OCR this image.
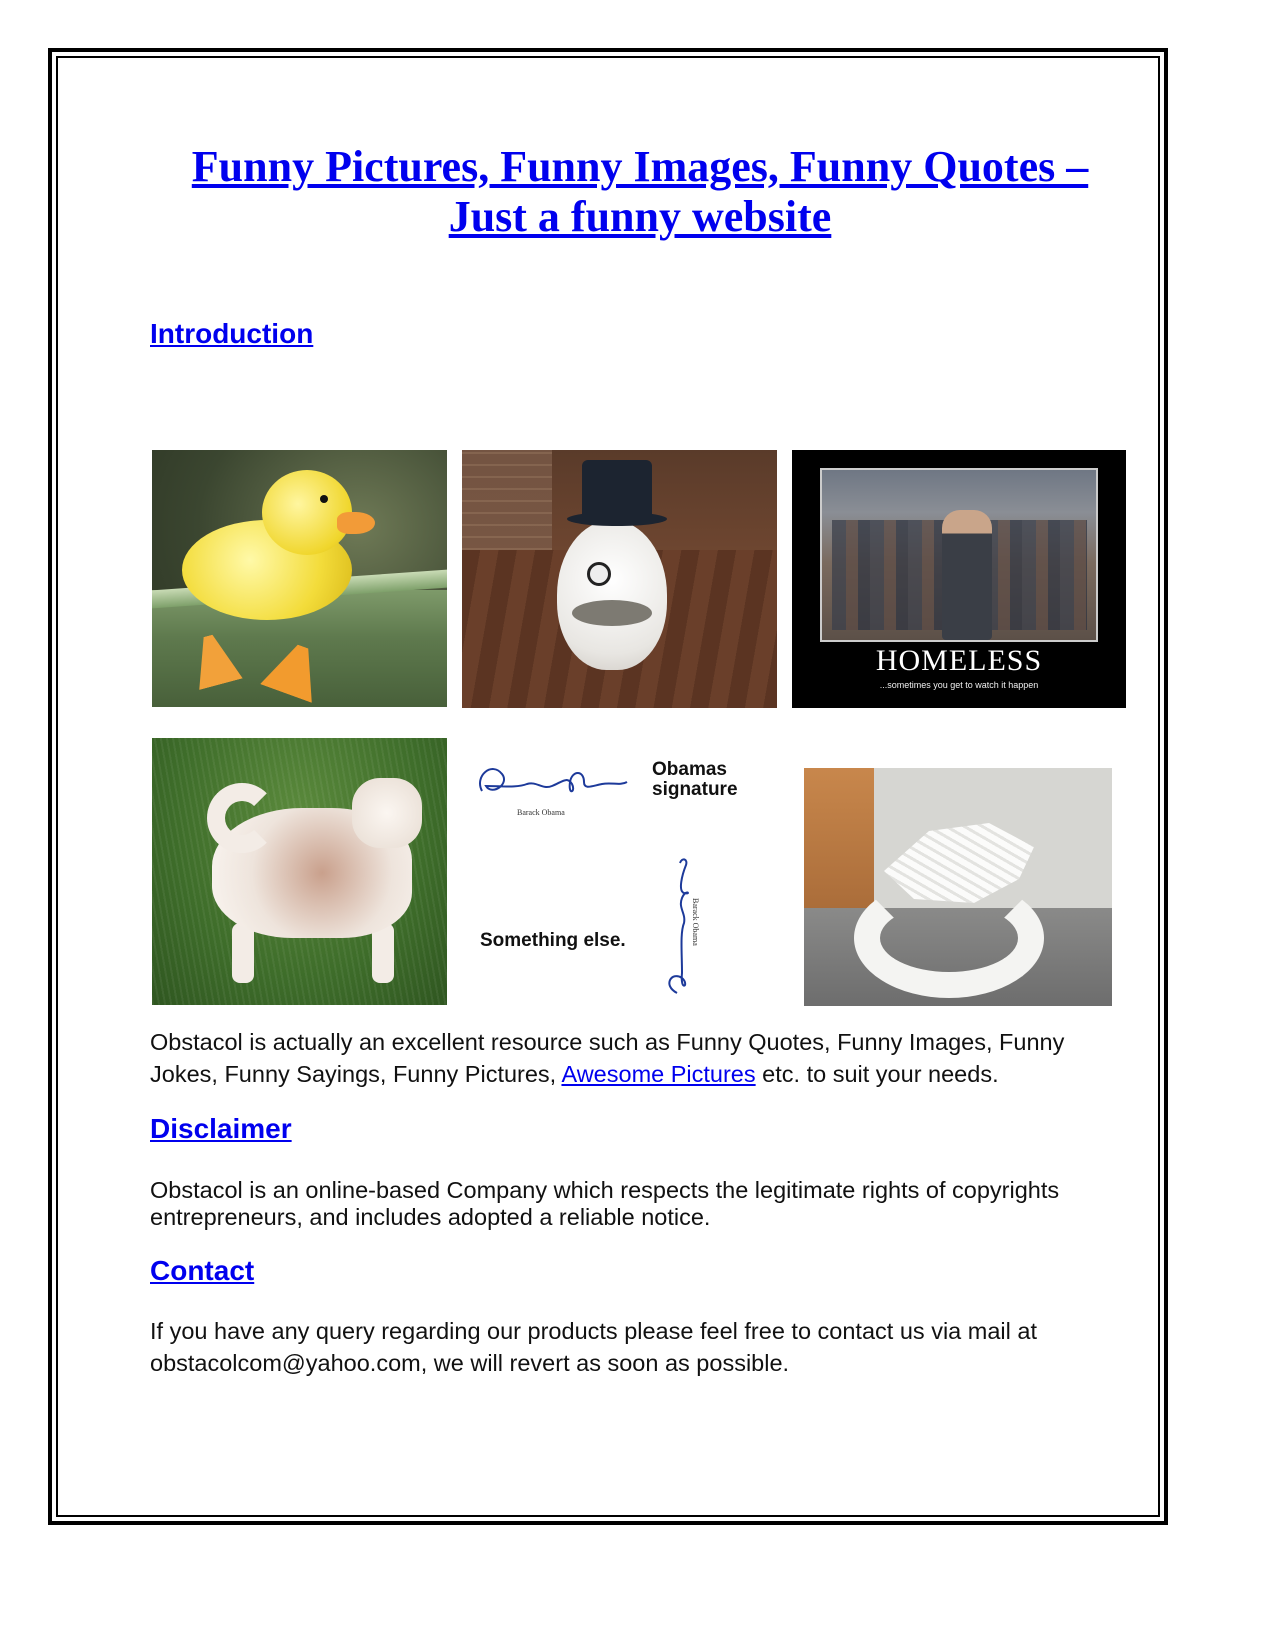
Funny Pictures, Funny Images, Funny Quotes –
Just a funny website
Introduction
HOMELESS
...sometimes you get to watch it happen
Barack Obama
Obamas
signature
Barack Obama
Something else.

Obstacol is actually an excellent resource such as Funny Quotes, Funny Images, Funny Jokes, Funny Sayings, Funny Pictures, Awesome Pictures etc. to suit your needs.

Disclaimer

Obstacol is an online-based Company which respects the legitimate rights of copyrights entrepreneurs, and includes adopted a reliable notice.

Contact

If you have any query regarding our products please feel free to contact us via mail at obstacolcom@yahoo.com, we will revert as soon as possible.
